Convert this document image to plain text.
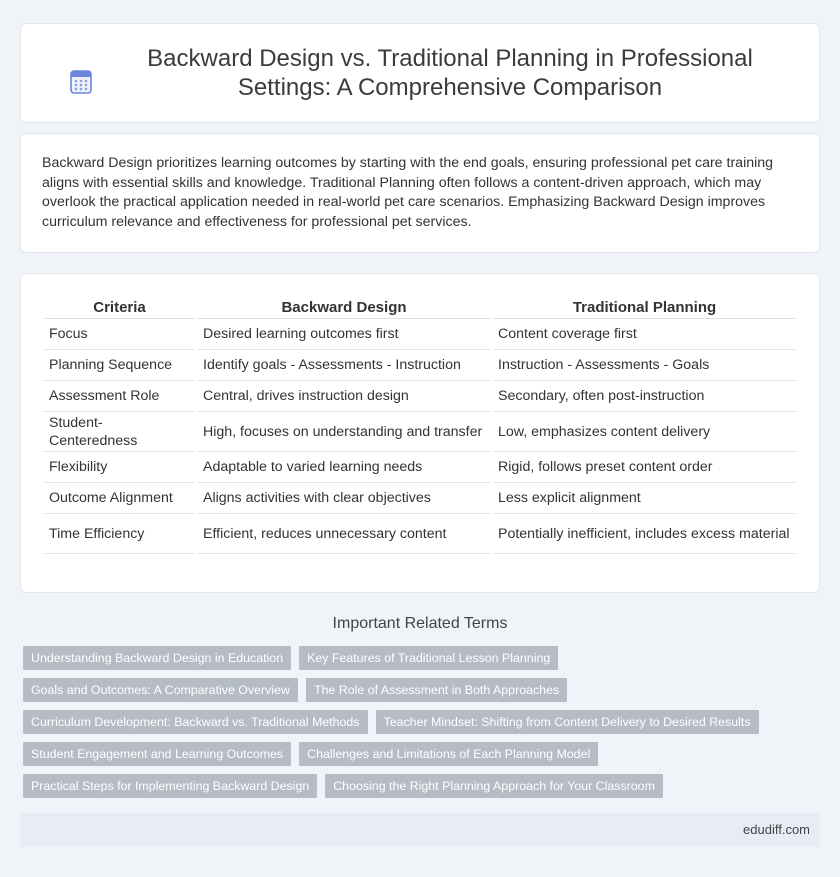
Backward Design vs. Traditional Planning in Professional Settings: A Comprehensive Comparison

Backward Design prioritizes learning outcomes by starting with the end goals, ensuring professional pet care training aligns with essential skills and knowledge. Traditional Planning often follows a content-driven approach, which may overlook the practical application needed in real-world pet care scenarios. Emphasizing Backward Design improves curriculum relevance and effectiveness for professional pet services.

Criteria	Backward Design	Traditional Planning
Focus	Desired learning outcomes first	Content coverage first
Planning Sequence	Identify goals - Assessments - Instruction	Instruction - Assessments - Goals
Assessment Role	Central, drives instruction design	Secondary, often post-instruction
Student-Centeredness	High, focuses on understanding and transfer	Low, emphasizes content delivery
Flexibility	Adaptable to varied learning needs	Rigid, follows preset content order
Outcome Alignment	Aligns activities with clear objectives	Less explicit alignment
Time Efficiency	Efficient, reduces unnecessary content	Potentially inefficient, includes excess material
Important Related Terms
Understanding Backward Design in Education	Key Features of Traditional Lesson Planning
Goals and Outcomes: A Comparative Overview	The Role of Assessment in Both Approaches
Curriculum Development: Backward vs. Traditional Methods	Teacher Mindset: Shifting from Content Delivery to Desired Results
Student Engagement and Learning Outcomes	Challenges and Limitations of Each Planning Model
Practical Steps for Implementing Backward Design	Choosing the Right Planning Approach for Your Classroom
edudiff.com
